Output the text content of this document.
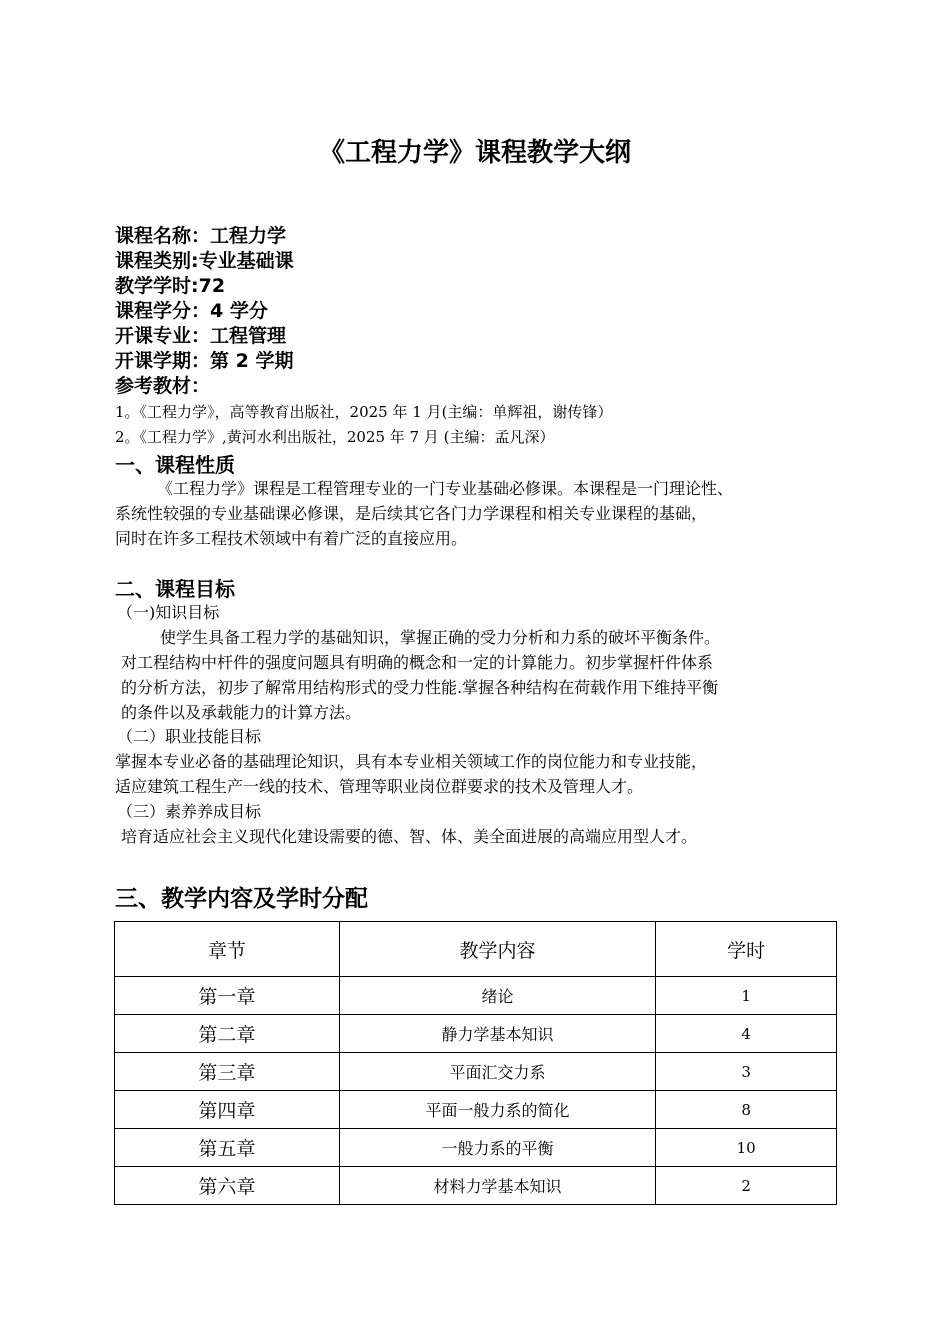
《工程力学》课程教学大纲
课程名称：工程力学
课程类别:专业基础课
教学学时:72
课程学分：4 学分
开课专业：工程管理
开课学期：第 2 学期
参考教材：
1。《工程力学》，高等教育出版社，2025 年 1 月(主编：单辉祖，谢传锋）
2。《工程力学》,黄河水利出版社，2025 年 7 月 (主编：孟凡深）
一、课程性质
《工程力学》课程是工程管理专业的一门专业基础必修课。本课程是一门理论性、
系统性较强的专业基础课必修课，是后续其它各门力学课程和相关专业课程的基础，
同时在许多工程技术领域中有着广泛的直接应用。
二、课程目标
（一)知识目标
使学生具备工程力学的基础知识，掌握正确的受力分析和力系的破坏平衡条件。
对工程结构中杆件的强度问题具有明确的概念和一定的计算能力。初步掌握杆件体系
的分析方法，初步了解常用结构形式的受力性能.掌握各种结构在荷载作用下维持平衡
的条件以及承载能力的计算方法。
（二）职业技能目标
掌握本专业必备的基础理论知识，具有本专业相关领域工作的岗位能力和专业技能，
适应建筑工程生产一线的技术、管理等职业岗位群要求的技术及管理人才。
（三）素养养成目标
培育适应社会主义现代化建设需要的德、智、体、美全面进展的高端应用型人才。
三、教学内容及学时分配
章节	教学内容	学时
第一章	绪论	1
第二章	静力学基本知识	4
第三章	平面汇交力系	3
第四章	平面一般力系的简化	8
第五章	一般力系的平衡	10
第六章	材料力学基本知识	2
